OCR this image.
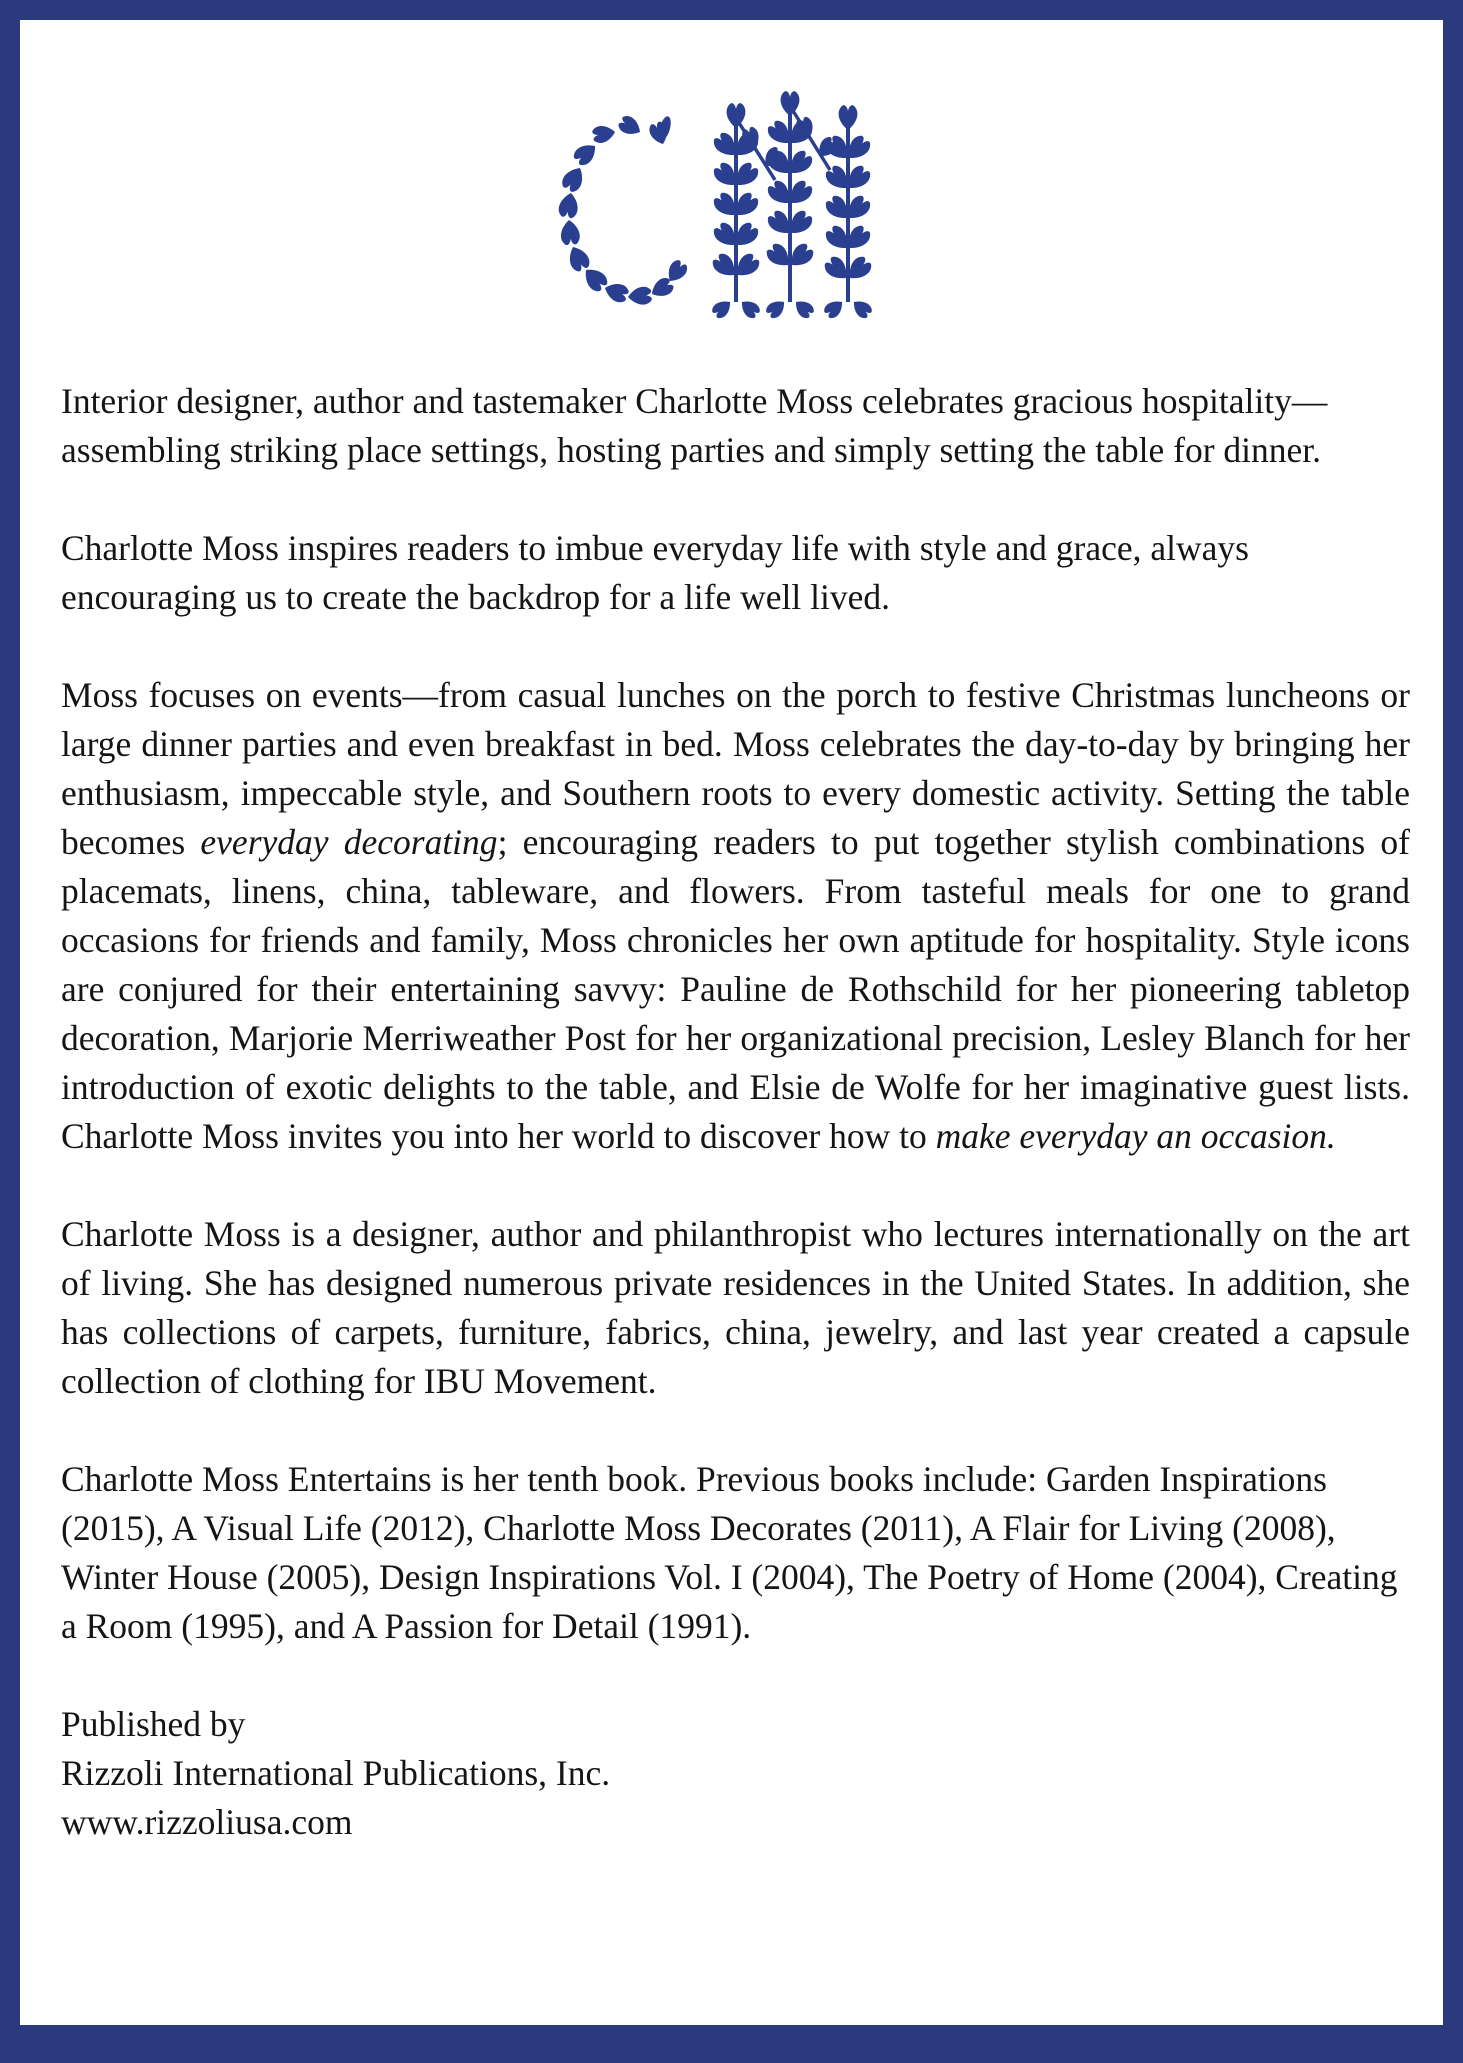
Interior designer, author and tastemaker Charlotte Moss celebrates gracious hospitality— assembling striking place settings, hosting parties and simply setting the table for dinner.

Charlotte Moss inspires readers to imbue everyday life with style and grace, always encouraging us to create the backdrop for a life well lived.

Moss focuses on events—from casual lunches on the porch to festive Christmas luncheons or large dinner parties and even breakfast in bed. Moss celebrates the day-to-day by bringing her enthusiasm, impeccable style, and Southern roots to every domestic activity. Setting the table becomes everyday decorating; encouraging readers to put together stylish combinations of placemats, linens, china, tableware, and flowers. From tasteful meals for one to grand occasions for friends and family, Moss chronicles her own aptitude for hospitality. Style icons are conjured for their entertaining savvy: Pauline de Rothschild for her pioneering tabletop decoration, Marjorie Merriweather Post for her organizational precision, Lesley Blanch for her introduction of exotic delights to the table, and Elsie de Wolfe for her imaginative guest lists. Charlotte Moss invites you into her world to discover how to make everyday an occasion.

Charlotte Moss is a designer, author and philanthropist who lectures internationally on the art of living. She has designed numerous private residences in the United States. In addition, she has collections of carpets, furniture, fabrics, china, jewelry, and last year created a capsule collection of clothing for IBU Movement.

Charlotte Moss Entertains is her tenth book. Previous books include: Garden Inspirations (2015), A Visual Life (2012), Charlotte Moss Decorates (2011), A Flair for Living (2008), Winter House (2005), Design Inspirations Vol. I (2004), The Poetry of Home (2004), Creating a Room (1995), and A Passion for Detail (1991).

Published by
Rizzoli International Publications, Inc.
www.rizzoliusa.com
